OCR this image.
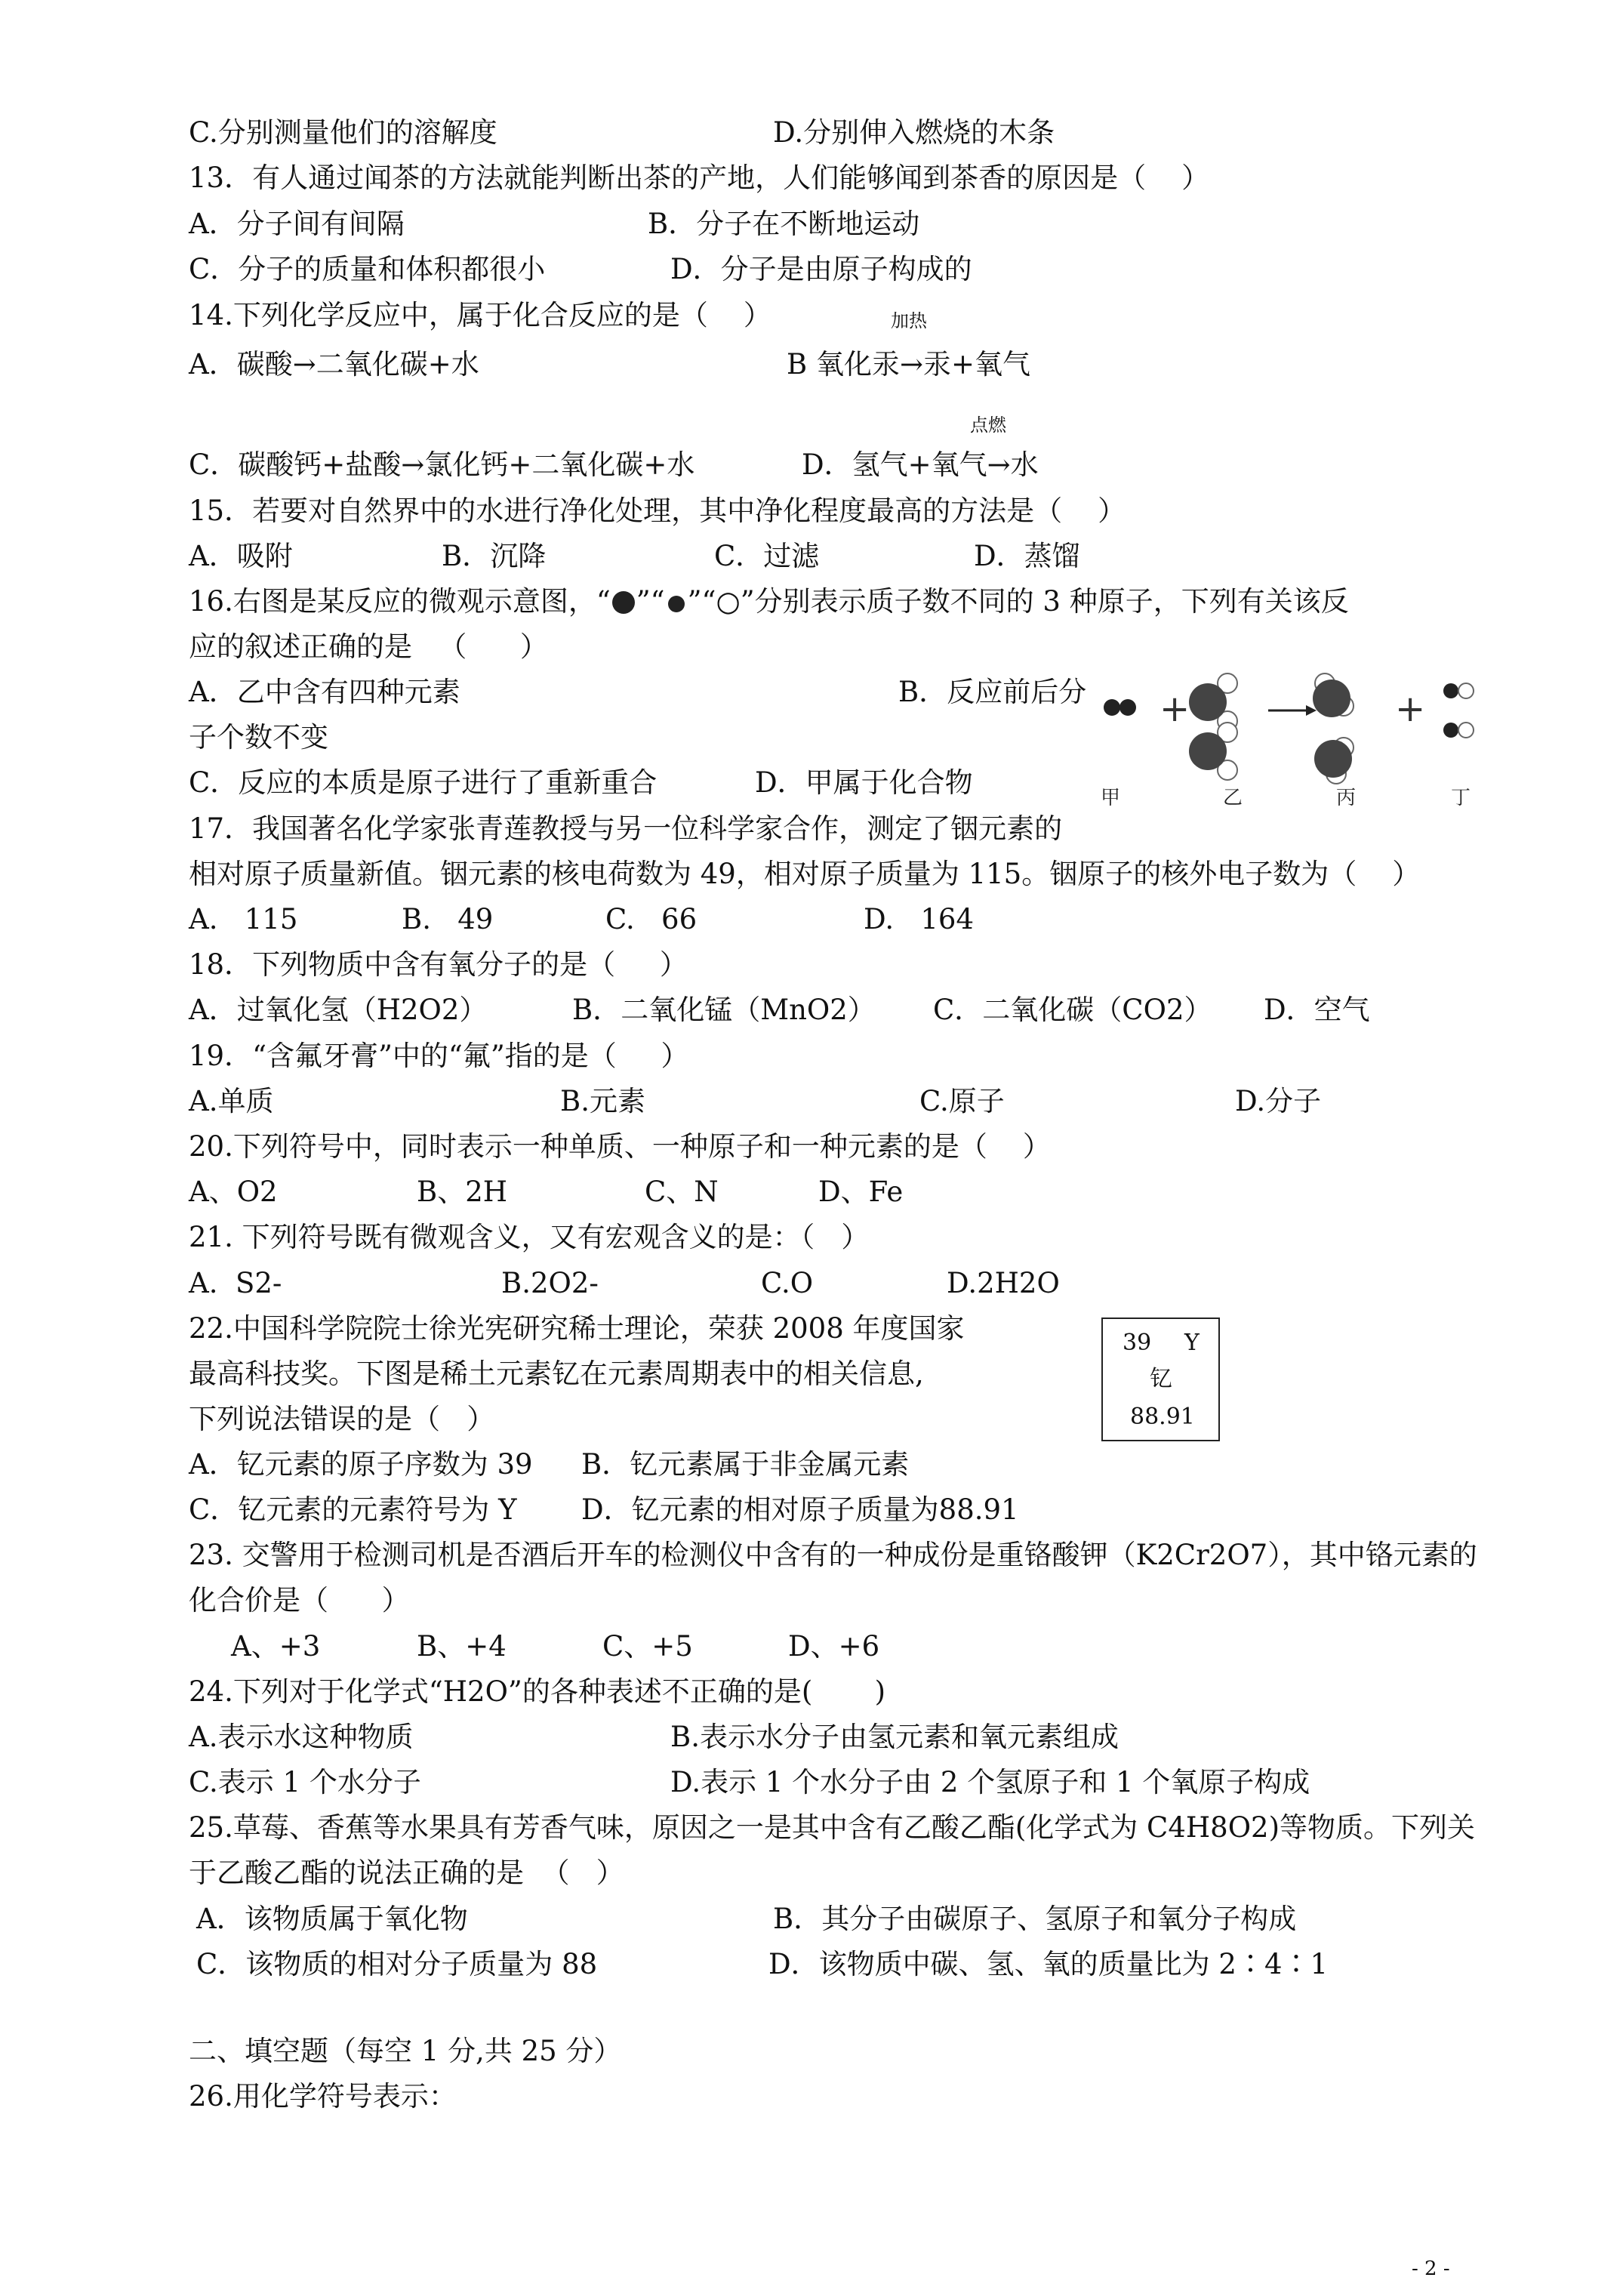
C.分别测量他们的溶解度	D.分别伸入燃烧的木条
13．有人通过闻茶的方法就能判断出茶的产地，人们能够闻到茶香的原因是（    ）
A．分子间有间隔	B．分子在不断地运动
C．分子的质量和体积都很小	D．分子是由原子构成的
14.下列化学反应中，属于化合反应的是（    ）	加热
A．碳酸→二氧化碳+水	B 氧化汞→汞+氧气
点燃
C．碳酸钙+盐酸→氯化钙+二氧化碳+水	D．氢气+氧气→水
15．若要对自然界中的水进行净化处理，其中净化程度最高的方法是（    ）
A．吸附	B．沉降	C．过滤	D．蒸馏
16.右图是某反应的微观示意图，“ ”“ ”“○”分别表示质子数不同的 3 种原子，下列有关该反
应的叙述正确的是   （      ）
A．乙中含有四种元素	B．反应前后分
子个数不变
C．反应的本质是原子进行了重新重合	D．甲属于化合物
+	+
甲	乙	丙	丁
17．我国著名化学家张青莲教授与另一位科学家合作，测定了铟元素的
相对原子质量新值。铟元素的核电荷数为 49，相对原子质量为 115。铟原子的核外电子数为（    ）
A.   115	B.   49	C.   66	D.   164
18．下列物质中含有氧分子的是（     ）
A．过氧化氢（H2O2）	B．二氧化锰（MnO2） C．二氧化碳（CO2） D．空气
19．“含氟牙膏”中的“氟”指的是（     ）
A.单质	B.元素	C.原子	D.分子
20.下列符号中，同时表示一种单质、一种原子和一种元素的是（    ）
A、O2	B、2H	C、N	D、Fe
21. 下列符号既有微观含义，又有宏观含义的是：（   ）
A.  S2-	B.2O2-	C.O	D.2H2O
22.中国科学院院士徐光宪研究稀士理论，荣获 2008 年度国家
最高科技奖。下图是稀土元素钇在元素周期表中的相关信息,
下列说法错误的是（   ）
39 Y
钇
88.91
A．钇元素的原子序数为 39 B．钇元素属于非金属元素
C．钇元素的元素符号为 Y D．钇元素的相对原子质量为88.91
23. 交警用于检测司机是否酒后开车的检测仪中含有的一种成份是重铬酸钾（K2Cr2O7），其中铬元素的
化合价是（      ）
A、+3	B、+4	C、+5	D、+6
24.下列对于化学式“H2O”的各种表述不正确的是(       )
A.表示水这种物质	B.表示水分子由氢元素和氧元素组成
C.表示 1 个水分子	D.表示 1 个水分子由 2 个氢原子和 1 个氧原子构成
25.草莓、香蕉等水果具有芳香气味，原因之一是其中含有乙酸乙酯(化学式为 C4H8O2)等物质。下列关
于乙酸乙酯的说法正确的是  （   ）
A．该物质属于氧化物	B．其分子由碳原子、氢原子和氧分子构成
C．该物质的相对分子质量为 88	D．该物质中碳、氢、氧的质量比为 2∶4∶1
二、填空题（每空 1 分,共 25 分）
26.用化学符号表示：
- 2 -
